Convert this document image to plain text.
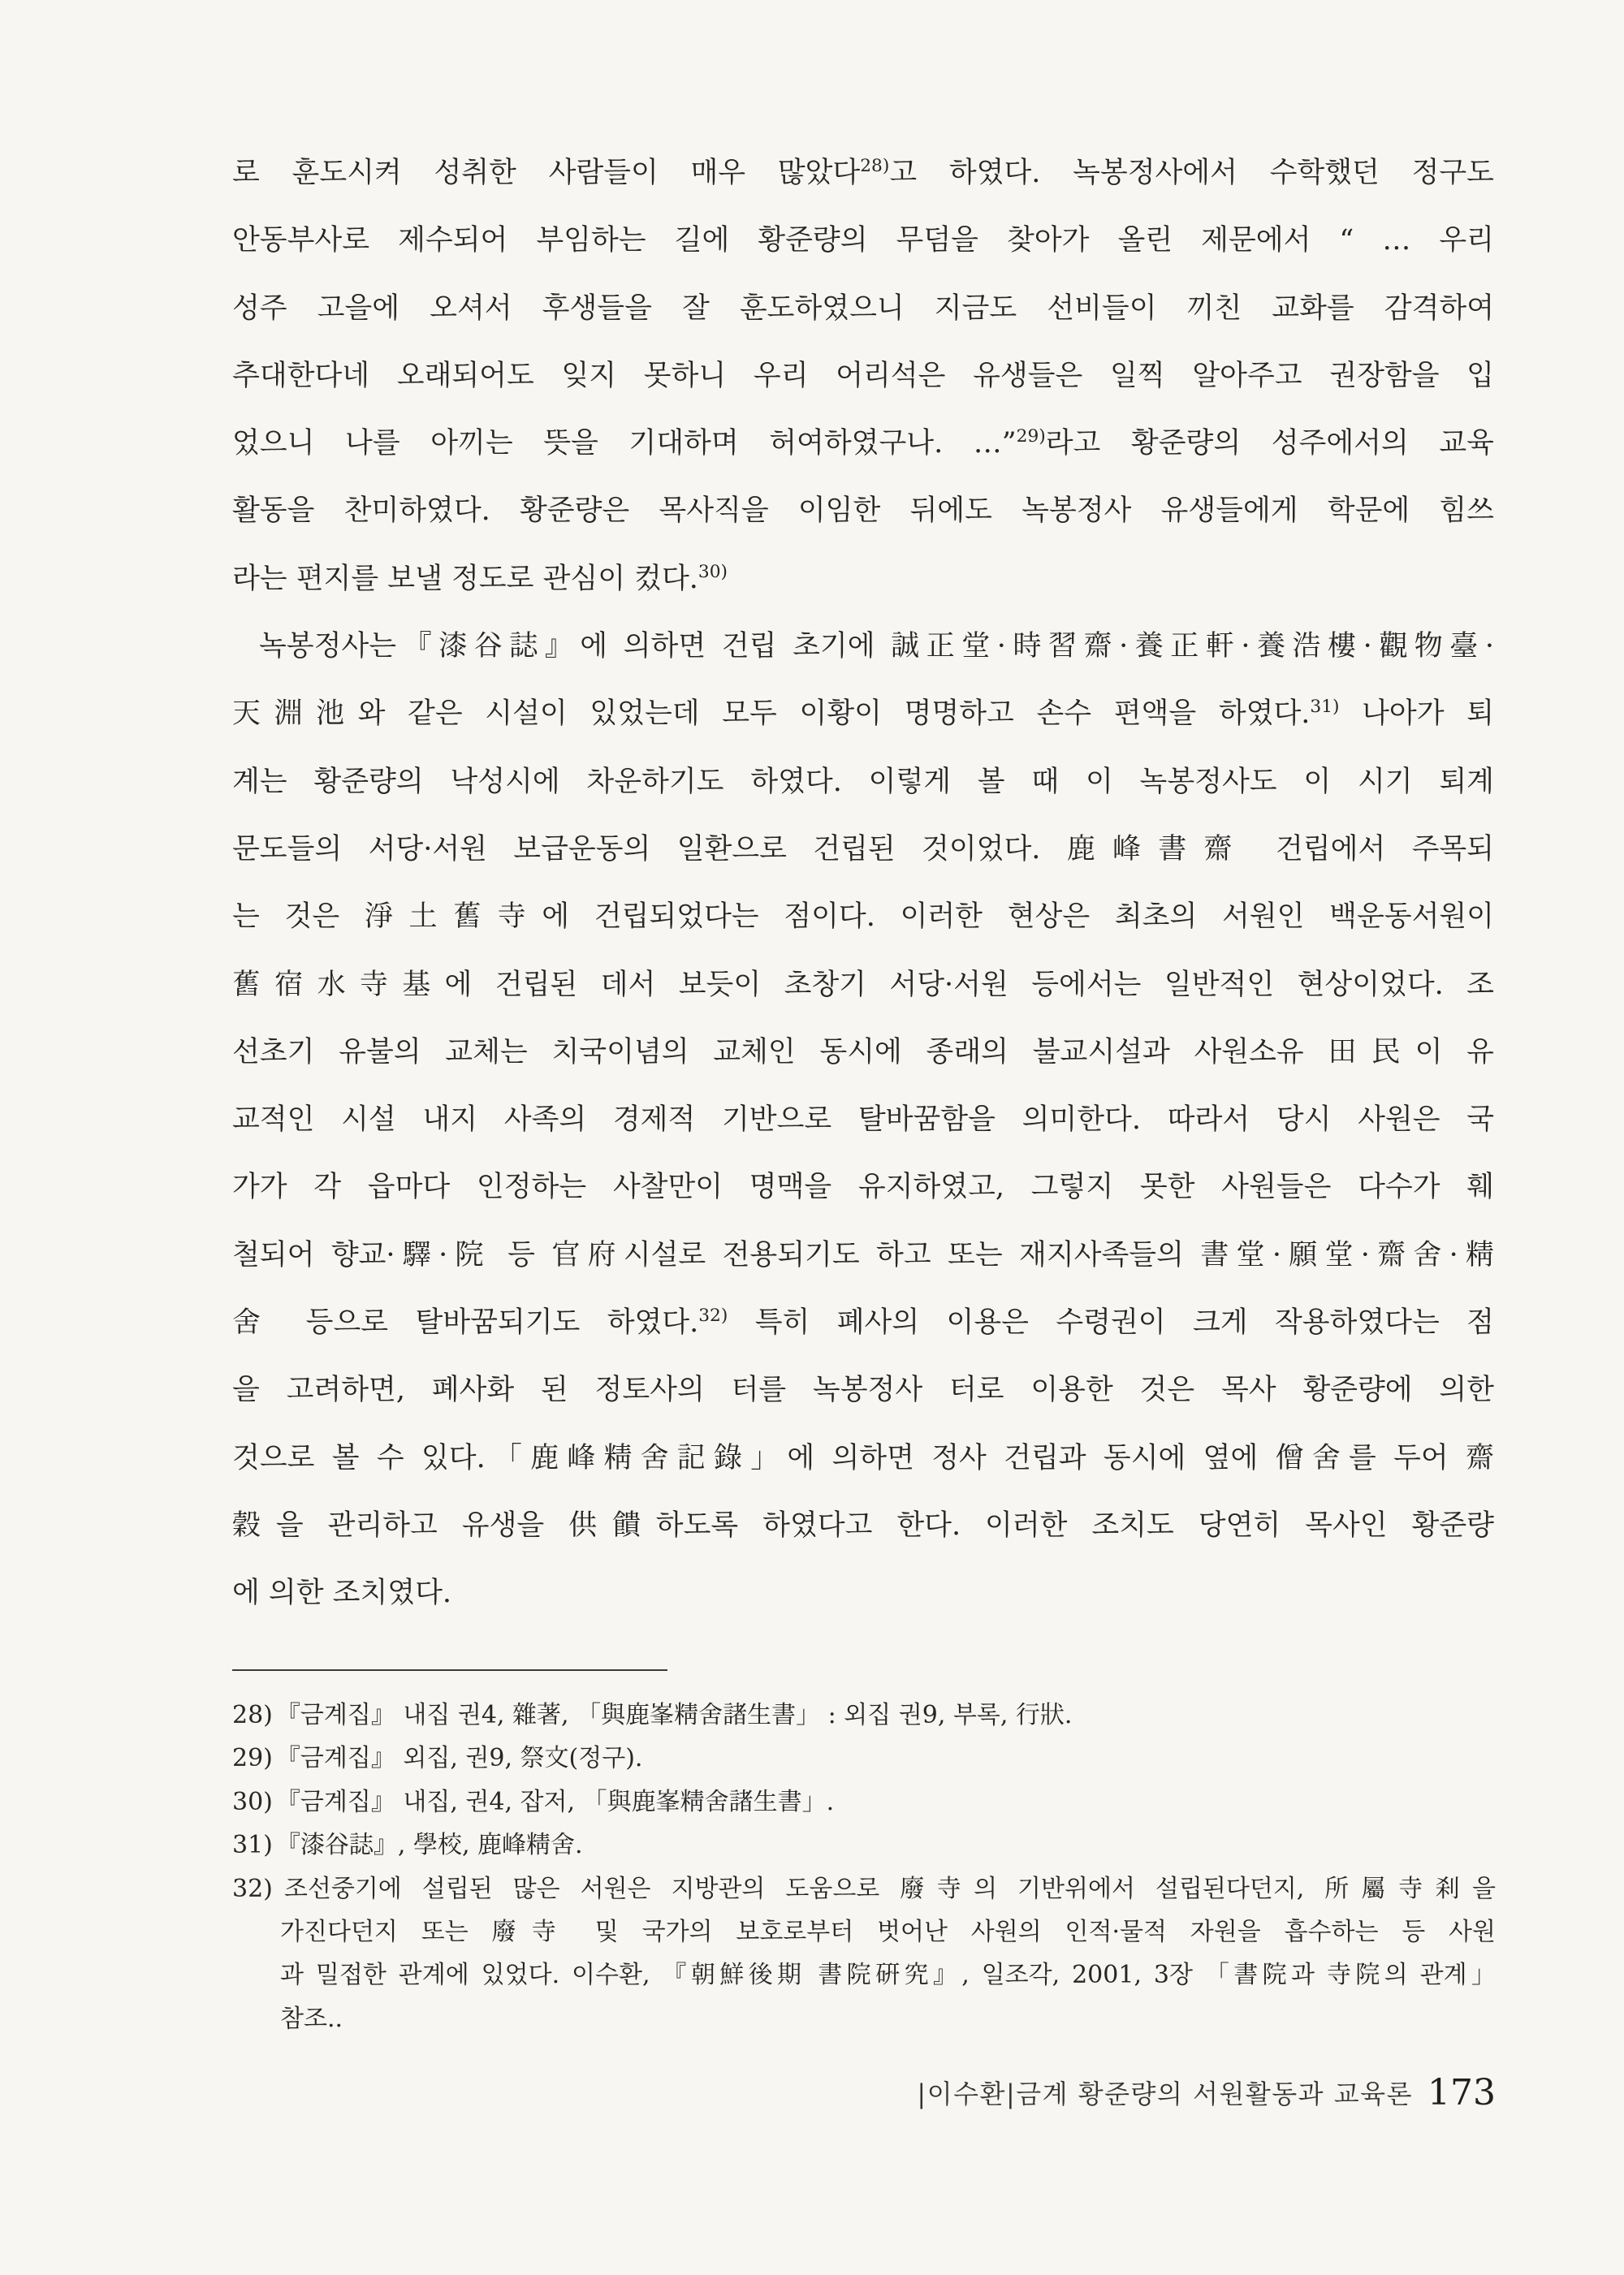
로 훈도시켜 성취한 사람들이 매우 많았다$^{28)}$고 하였다. 녹봉정사에서 수학했던 정구도
안동부사로 제수되어 부임하는 길에 황준량의 무덤을 찾아가 올린 제문에서 “ … 우리
성주 고을에 오셔서 후생들을 잘 훈도하였으니 지금도 선비들이 끼친 교화를 감격하여
추대한다네 오래되어도 잊지 못하니 우리 어리석은 유생들은 일찍 알아주고 권장함을 입
었으니 나를 아끼는 뜻을 기대하며 허여하였구나. …”$^{29)}$라고 황준량의 성주에서의 교육
활동을 찬미하였다. 황준량은 목사직을 이임한 뒤에도 녹봉정사 유생들에게 학문에 힘쓰
라는 편지를 보낼 정도로 관심이 컸다.$^{30)}$
녹봉정사는『漆谷誌』에 의하면 건립 초기에 誠正堂·時習齋·養正軒·養浩樓·觀物臺·
天淵池와 같은 시설이 있었는데 모두 이황이 명명하고 손수 편액을 하였다.$^{31)}$ 나아가 퇴
계는 황준량의 낙성시에 차운하기도 하였다. 이렇게 볼 때 이 녹봉정사도 이 시기 퇴계
문도들의 서당·서원 보급운동의 일환으로 건립된 것이었다. 鹿峰書齋 건립에서 주목되
는 것은 淨土舊寺에 건립되었다는 점이다. 이러한 현상은 최초의 서원인 백운동서원이
舊宿水寺基에 건립된 데서 보듯이 초창기 서당·서원 등에서는 일반적인 현상이었다. 조
선초기 유불의 교체는 치국이념의 교체인 동시에 종래의 불교시설과 사원소유 田民이 유
교적인 시설 내지 사족의 경제적 기반으로 탈바꿈함을 의미한다. 따라서 당시 사원은 국
가가 각 읍마다 인정하는 사찰만이 명맥을 유지하였고, 그렇지 못한 사원들은 다수가 훼
철되어 향교·驛·院 등 官府시설로 전용되기도 하고 또는 재지사족들의 書堂·願堂·齋舍·精
舍 등으로 탈바꿈되기도 하였다.$^{32)}$ 특히 폐사의 이용은 수령권이 크게 작용하였다는 점
을 고려하면, 폐사화 된 정토사의 터를 녹봉정사 터로 이용한 것은 목사 황준량에 의한
것으로 볼 수 있다.「鹿峰精舍記錄」에 의하면 정사 건립과 동시에 옆에 僧舍를 두어 齋
穀을 관리하고 유생을 供饋하도록 하였다고 한다. 이러한 조치도 당연히 목사인 황준량
에 의한 조치였다.
28) 『금계집』 내집 권4, 雜著, 「與鹿峯精舍諸生書」 : 외집 권9, 부록, 行狀.
29) 『금계집』 외집, 권9, 祭文(정구).
30) 『금계집』 내집, 권4, 잡저, 「與鹿峯精舍諸生書」.
31) 『漆谷誌』, 學校, 鹿峰精舍.
32) 조선중기에 설립된 많은 서원은 지방관의 도움으로 廢寺의 기반위에서 설립된다던지, 所屬寺刹을
가진다던지 또는 廢寺 및 국가의 보호로부터 벗어난 사원의 인적·물적 자원을 흡수하는 등 사원
과 밀접한 관계에 있었다. 이수환, 『朝鮮後期 書院硏究』, 일조각, 2001, 3장 「書院과 寺院의 관계」
참조..
|이수환|금계 황준량의 서원활동과 교육론 173
